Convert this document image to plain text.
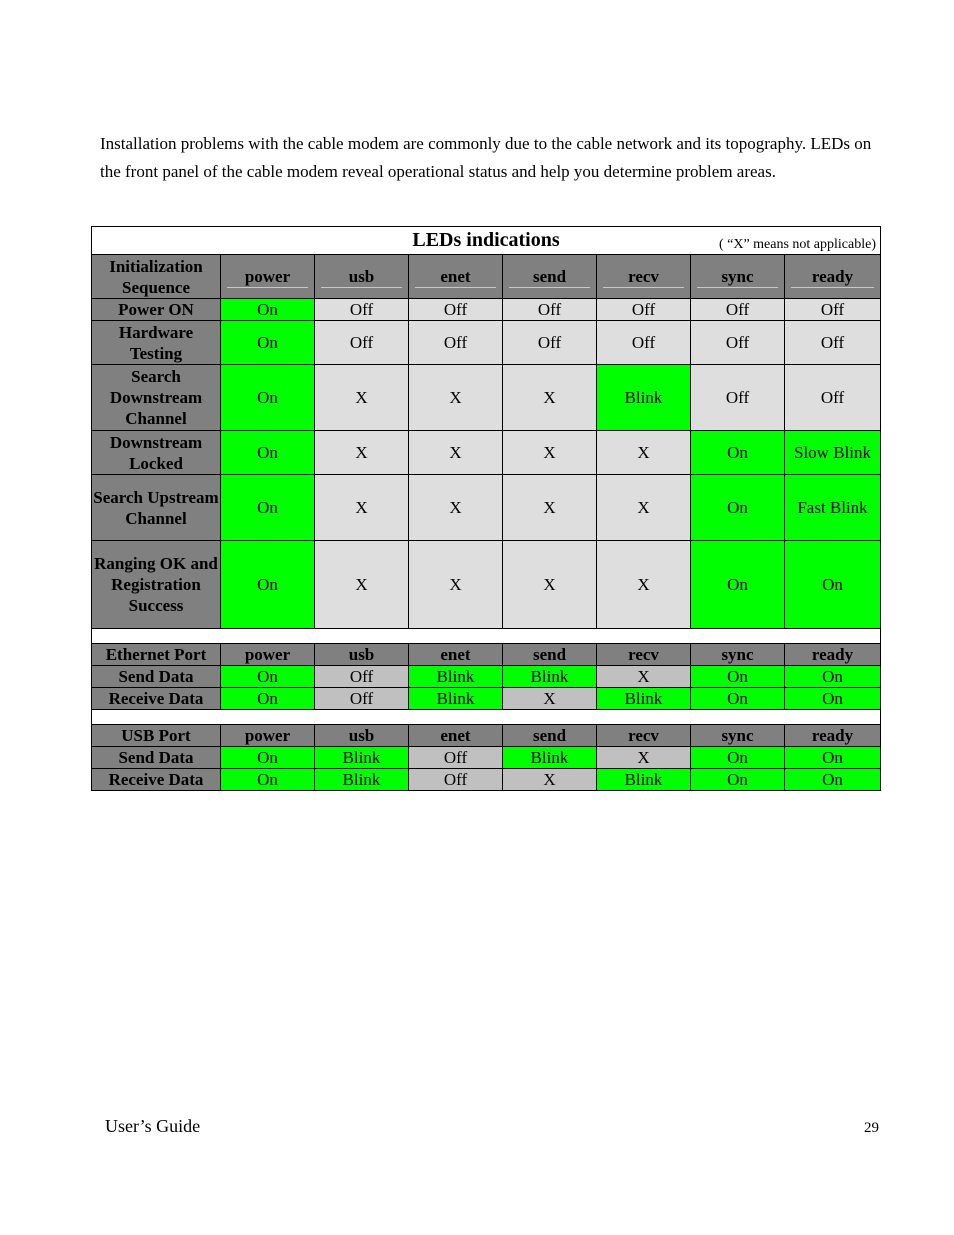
Installation problems with the cable modem are commonly due to the cable network and its topography. LEDs on the front panel of the cable modem reveal operational status and help you determine problem areas.

LEDs indications ( “X” means not applicable)							

Initialization Sequence	power	usb	enet	send	recv	sync	ready

Power ON	On	Off	Off	Off	Off	Off	Off
Hardware Testing	On	Off	Off	Off	Off	Off	Off
Search Downstream Channel	On	X	X	X	Blink	Off	Off
Downstream Locked	On	X	X	X	X	On	Slow Blink
Search Upstream Channel	On	X	X	X	X	On	Fast Blink
Ranging OK and Registration Success	On	X	X	X	X	On	On

Ethernet Port	power	usb	enet	send	recv	sync	ready
Send Data	On	Off	Blink	Blink	X	On	On
Receive Data	On	Off	Blink	X	Blink	On	On

USB Port	power	usb	enet	send	recv	sync	ready
Send Data	On	Blink	Off	Blink	X	On	On
Receive Data	On	Blink	Off	X	Blink	On	On
User’s Guide	29
